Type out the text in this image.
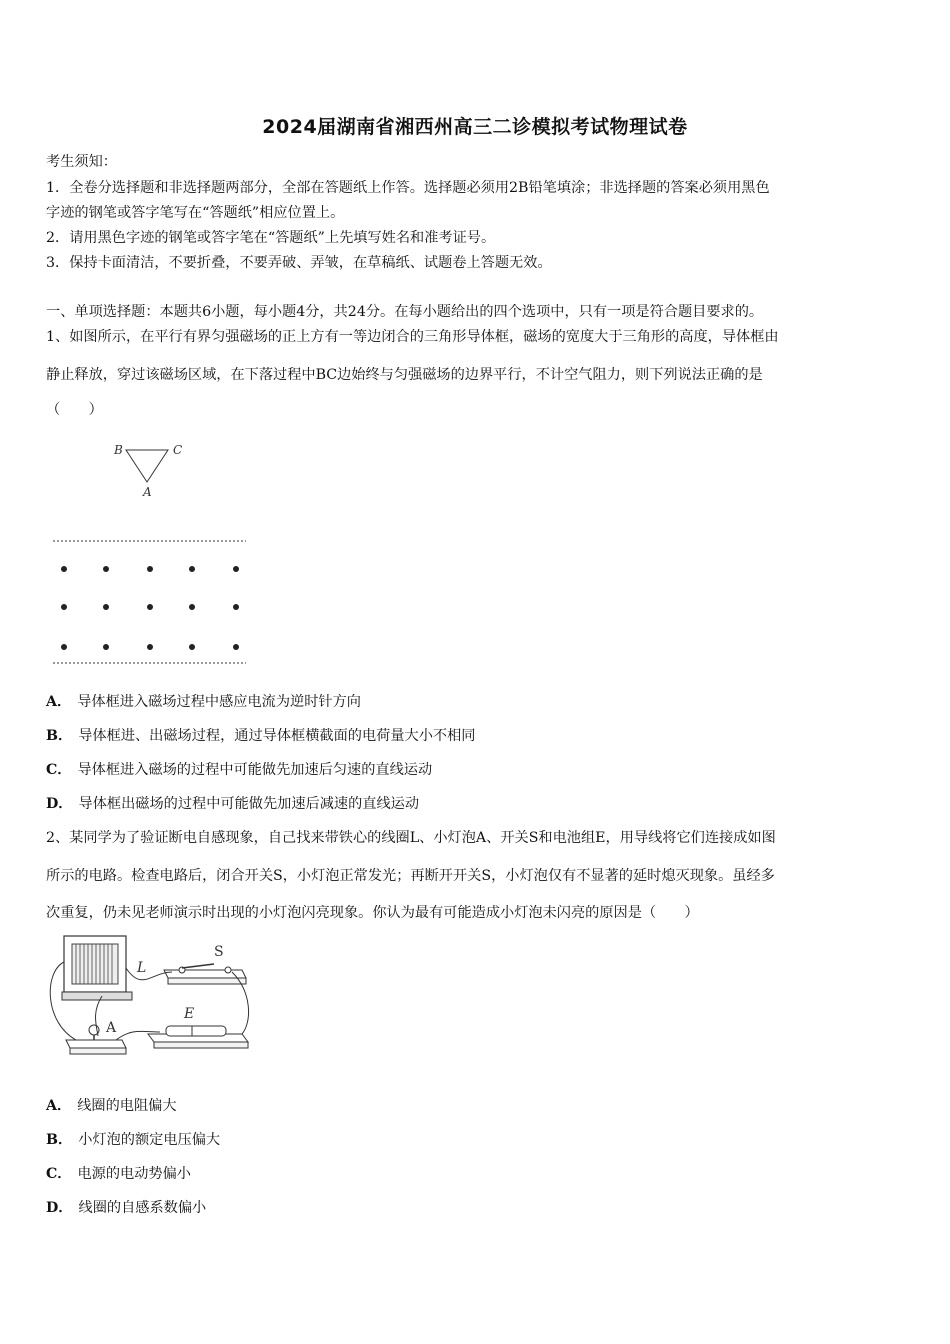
2024届湖南省湘西州高三二诊模拟考试物理试卷
考生须知：
1．全卷分选择题和非选择题两部分，全部在答题纸上作答。选择题必须用2B铅笔填涂；非选择题的答案必须用黑色
字迹的钢笔或答字笔写在“答题纸”相应位置上。
2．请用黑色字迹的钢笔或答字笔在“答题纸”上先填写姓名和准考证号。
3．保持卡面清洁，不要折叠，不要弄破、弄皱，在草稿纸、试题卷上答题无效。
一、单项选择题：本题共6小题，每小题4分，共24分。在每小题给出的四个选项中，只有一项是符合题目要求的。
1、如图所示，在平行有界匀强磁场的正上方有一等边闭合的三角形导体框，磁场的宽度大于三角形的高度，导体框由
静止释放，穿过该磁场区域，在下落过程中BC边始终与匀强磁场的边界平行，不计空气阻力，则下列说法正确的是
（　　）
B	C
A
A． 导体框进入磁场过程中感应电流为逆时针方向
B． 导体框进、出磁场过程，通过导体框横截面的电荷量大小不相同
C． 导体框进入磁场的过程中可能做先加速后匀速的直线运动
D． 导体框出磁场的过程中可能做先加速后减速的直线运动
2、某同学为了验证断电自感现象，自己找来带铁心的线圈L、小灯泡A、开关S和电池组E，用导线将它们连接成如图
所示的电路。检查电路后，闭合开关S，小灯泡正常发光；再断开开关S，小灯泡仅有不显著的延时熄灭现象。虽经多
次重复，仍未见老师演示时出现的小灯泡闪亮现象。你认为最有可能造成小灯泡未闪亮的原因是（　　）
L
S
E
A
A． 线圈的电阻偏大
B． 小灯泡的额定电压偏大
C． 电源的电动势偏小
D． 线圈的自感系数偏小
